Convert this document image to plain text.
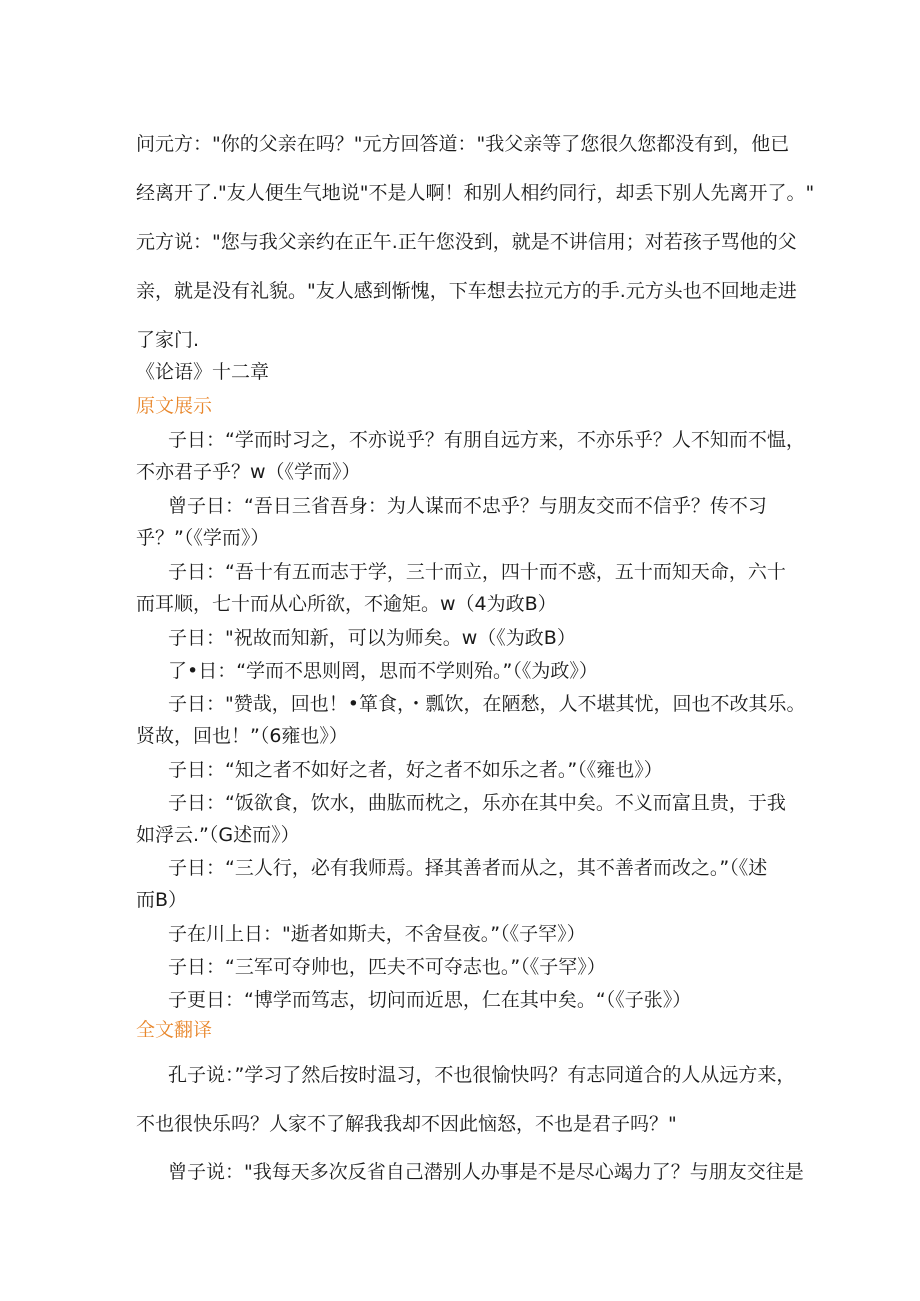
问元方："你的父亲在吗？"元方回答道："我父亲等了您很久您都没有到，他已
经离开了."友人便生气地说"不是人啊！和别人相约同行，却丢下别人先离开了。"
元方说："您与我父亲约在正午.正午您没到，就是不讲信用；对若孩子骂他的父
亲，就是没有礼貌。"友人感到惭愧，下车想去拉元方的手.元方头也不回地走进
了家门.
《论语》十二章
原文展示
子日：“学而时习之，不亦说乎？有朋自远方来，不亦乐乎？人不知而不愠，
不亦君子乎？w（《学而》）
曾子日：“吾日三省吾身：为人谋而不忠乎？与朋友交而不信乎？传不习
乎？”（《学而》）
子日：“吾十有五而志于学，三十而立，四十而不惑，五十而知天命，六十
而耳顺，七十而从心所欲，不逾矩。w（4为政B）
子日："祝故而知新，可以为师矣。w（《为政B）
了•日：“学而不思则罔，思而不学则殆。”（《为政》）
子日："赞哉，回也！•箪食，・瓢饮，在陋愁，人不堪其忧，回也不改其乐。
贤故，回也！”（6雍也》）
子日：“知之者不如好之者，好之者不如乐之者。”（《雍也》）
子日：“饭欲食，饮水，曲肱而枕之，乐亦在其中矣。不义而富且贵，于我
如浮云.”（G述而》）
子日：“三人行，必有我师焉。择其善者而从之，其不善者而改之。”（《述
而B）
子在川上日："逝者如斯夫，不舍昼夜。”（《子罕》）
子日：“三军可夺帅也，匹夫不可夺志也。”（《子罕》）
子更日：“博学而笃志，切问而近思，仁在其中矣。“（《子张》）
全文翻译
孔子说：”学习了然后按时温习，不也很愉快吗？有志同道合的人从远方来，
不也很快乐吗？人家不了解我我却不因此恼怒，不也是君子吗？"
曾子说："我每天多次反省自己潜别人办事是不是尽心竭力了？与朋友交往是
